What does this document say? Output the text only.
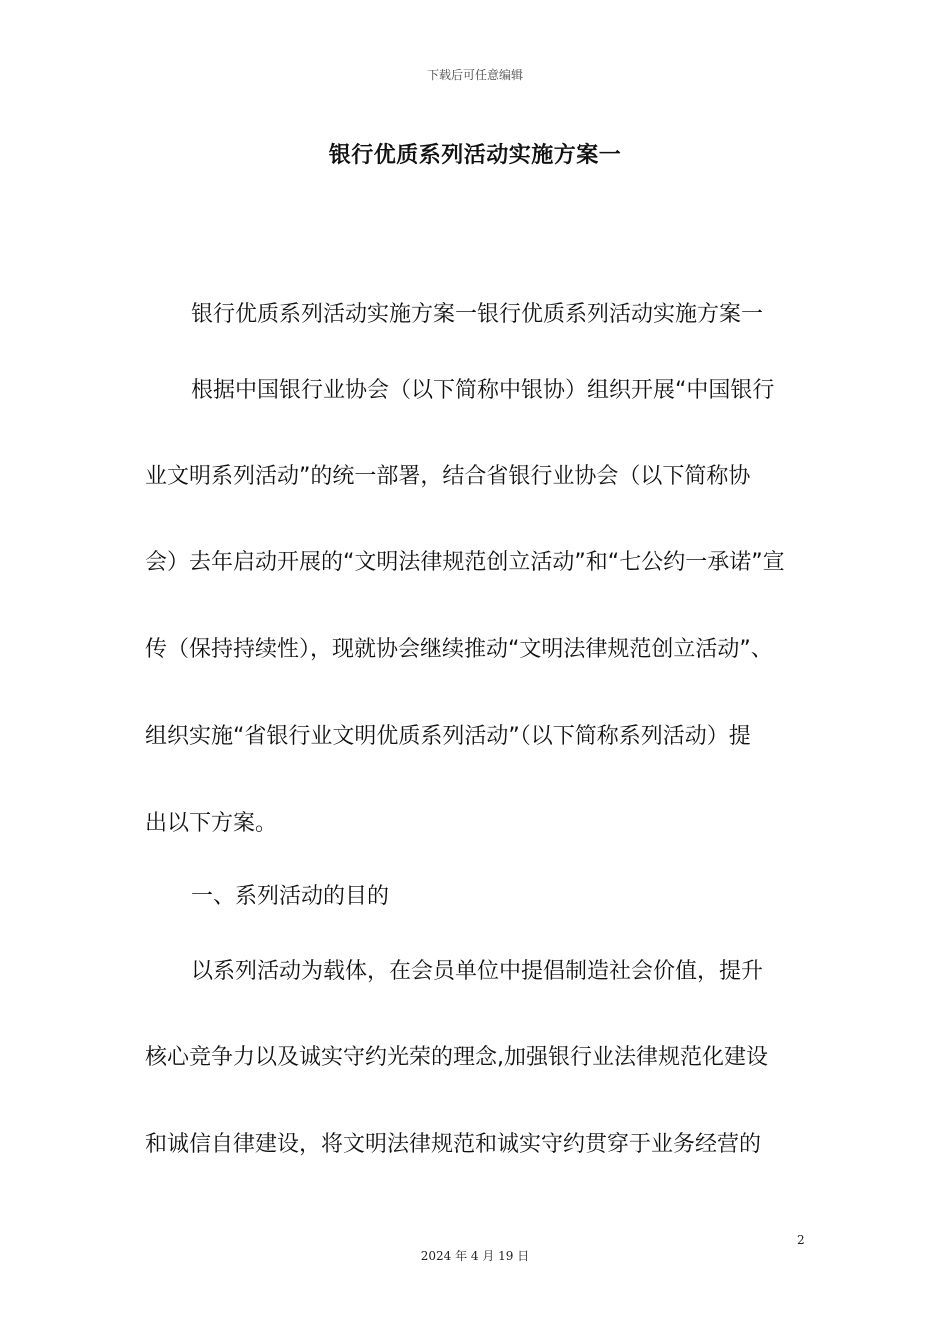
下载后可任意编辑
银行优质系列活动实施方案一
银行优质系列活动实施方案一银行优质系列活动实施方案一
根据中国银行业协会（以下简称中银协）组织开展“中国银行
业文明系列活动”的统一部署，结合省银行业协会（以下简称协
会）去年启动开展的“文明法律规范创立活动”和“七公约一承诺”宣
传（保持持续性），现就协会继续推动“文明法律规范创立活动”、
组织实施“省银行业文明优质系列活动”（以下简称系列活动）提
出以下方案。
一、系列活动的目的
以系列活动为载体，在会员单位中提倡制造社会价值，提升
核心竞争力以及诚实守约光荣的理念,加强银行业法律规范化建设
和诚信自律建设，将文明法律规范和诚实守约贯穿于业务经营的
2
2024 年 4 月 19 日
